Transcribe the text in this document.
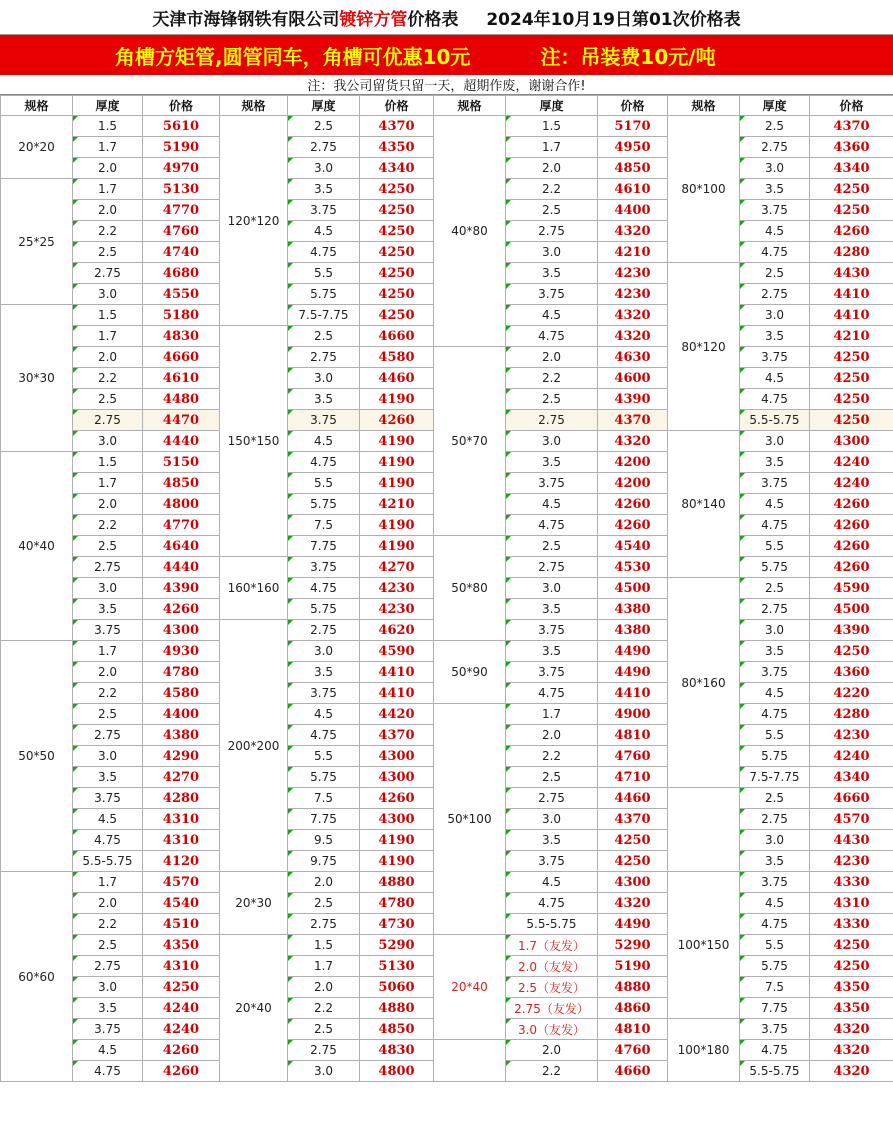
天津市海锋钢铁有限公司 镀锌方管 价格表 2024年10月19日第01次价格表
角槽方矩管,圆管同车，角槽可优惠10元	注：吊装费10元/吨
注：我公司留货只留一天，超期作废，谢谢合作!
规格	厚度	价格	规格	厚度	价格	规格	厚度	价格	规格	厚度	价格
20*20	1.5	5610	120*120	2.5	4370	40*80	1.5	5170	80*100	2.5	4370
	1.7	5190		2.75	4350		1.7	4950		2.75	4360
	2.0	4970		3.0	4340		2.0	4850		3.0	4340
25*25	1.7	5130		3.5	4250		2.2	4610		3.5	4250
	2.0	4770		3.75	4250		2.5	4400		3.75	4250
	2.2	4760		4.5	4250		2.75	4320		4.5	4260
	2.5	4740		4.75	4250		3.0	4210		4.75	4280
	2.75	4680		5.5	4250		3.5	4230	80*120	2.5	4430
	3.0	4550		5.75	4250		3.75	4230		2.75	4410
30*30	1.5	5180		7.5-7.75	4250		4.5	4320		3.0	4410
	1.7	4830	150*150	2.5	4660		4.75	4320		3.5	4210
	2.0	4660		2.75	4580	50*70	2.0	4630		3.75	4250
	2.2	4610		3.0	4460		2.2	4600		4.5	4250
	2.5	4480		3.5	4190		2.5	4390		4.75	4250
	2.75	4470		3.75	4260		2.75	4370		5.5-5.75	4250
	3.0	4440		4.5	4190		3.0	4320	80*140	3.0	4300
40*40	1.5	5150		4.75	4190		3.5	4200		3.5	4240
	1.7	4850		5.5	4190		3.75	4200		3.75	4240
	2.0	4800		5.75	4210		4.5	4260		4.5	4260
	2.2	4770		7.5	4190		4.75	4260		4.75	4260
	2.5	4640		7.75	4190	50*80	2.5	4540		5.5	4260
	2.75	4440	160*160	3.75	4270		2.75	4530		5.75	4260
	3.0	4390		4.75	4230		3.0	4500	80*160	2.5	4590
	3.5	4260		5.75	4230		3.5	4380		2.75	4500
	3.75	4300	200*200	2.75	4620		3.75	4380		3.0	4390
50*50	1.7	4930		3.0	4590	50*90	3.5	4490		3.5	4250
	2.0	4780		3.5	4410		3.75	4490		3.75	4360
	2.2	4580		3.75	4410		4.75	4410		4.5	4220
	2.5	4400		4.5	4420	50*100	1.7	4900		4.75	4280
	2.75	4380		4.75	4370		2.0	4810		5.5	4230
	3.0	4290		5.5	4300		2.2	4760		5.75	4240
	3.5	4270		5.75	4300		2.5	4710		7.5-7.75	4340
	3.75	4280		7.5	4260		2.75	4460		2.5	4660
	4.5	4310		7.75	4300		3.0	4370		2.75	4570
	4.75	4310		9.5	4190		3.5	4250		3.0	4430
	5.5-5.75	4120		9.75	4190		3.75	4250		3.5	4230
60*60	1.7	4570	20*30	2.0	4880		4.5	4300	100*150	3.75	4330
	2.0	4540		2.5	4780		4.75	4320		4.5	4310
	2.2	4510		2.75	4730		5.5-5.75	4490		4.75	4330
	2.5	4350	20*40	1.5	5290	20*40	1.7（友发）	5290		5.5	4250
	2.75	4310		1.7	5130		2.0（友发）	5190		5.75	4250
	3.0	4250		2.0	5060		2.5（友发）	4880		7.5	4350
	3.5	4240		2.2	4880		2.75（友发）	4860		7.75	4350
	3.75	4240		2.5	4850		3.0（友发）	4810	100*180	3.75	4320
	4.5	4260		2.75	4830		2.0	4760		4.75	4320
	4.75	4260		3.0	4800		2.2	4660		5.5-5.75	4320
